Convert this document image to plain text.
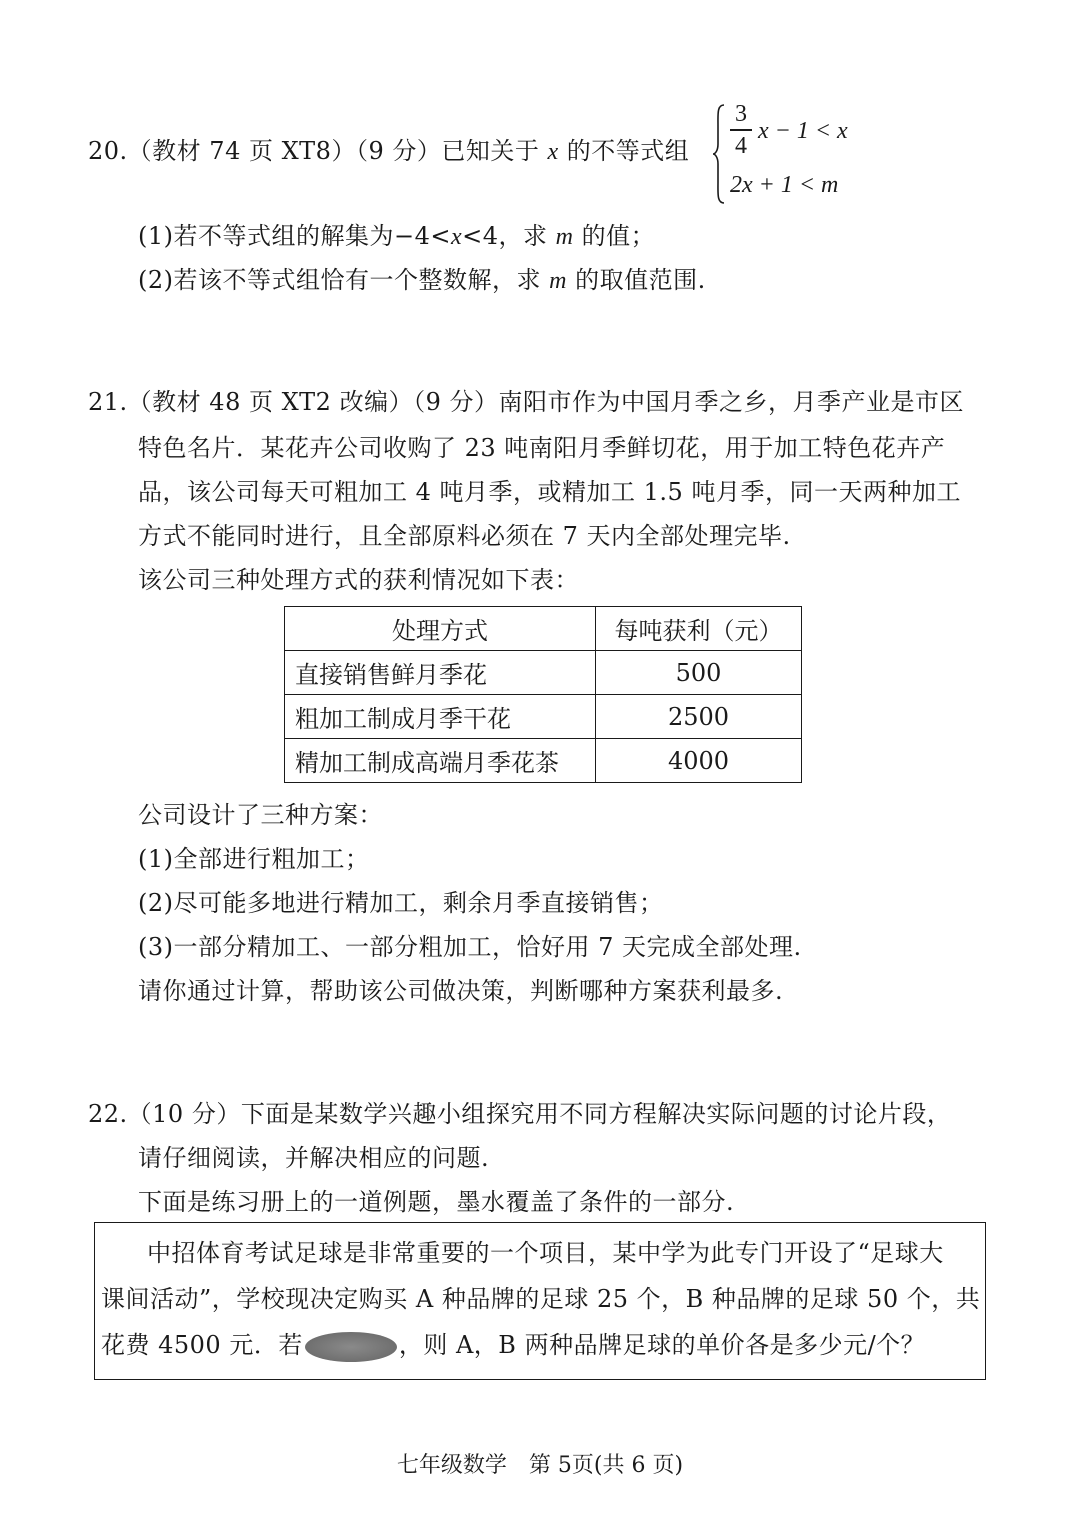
20.（教材 74 页 XT8）（9 分）已知关于 x 的不等式组
3
4
x − 1 < x
2x + 1 < m
(1)若不等式组的解集为−4<x<4，求 m 的值；
(2)若该不等式组恰有一个整数解，求 m 的取值范围.
21.（教材 48 页 XT2 改编）（9 分）南阳市作为中国月季之乡，月季产业是市区
特色名片．某花卉公司收购了 23 吨南阳月季鲜切花，用于加工特色花卉产
品，该公司每天可粗加工 4 吨月季，或精加工 1.5 吨月季，同一天两种加工
方式不能同时进行，且全部原料必须在 7 天内全部处理完毕.
该公司三种处理方式的获利情况如下表：
处理方式	每吨获利（元）
直接销售鲜月季花	500
粗加工制成月季干花	2500
精加工制成高端月季花茶	4000
公司设计了三种方案：
(1)全部进行粗加工；
(2)尽可能多地进行精加工，剩余月季直接销售；
(3)一部分精加工、一部分粗加工，恰好用 7 天完成全部处理.
请你通过计算，帮助该公司做决策，判断哪种方案获利最多.
22.（10 分）下面是某数学兴趣小组探究用不同方程解决实际问题的讨论片段，
请仔细阅读，并解决相应的问题.
下面是练习册上的一道例题，墨水覆盖了条件的一部分.
中招体育考试足球是非常重要的一个项目，某中学为此专门开设了“足球大
课间活动”，学校现决定购买 A 种品牌的足球 25 个，B 种品牌的足球 50 个，共
花费 4500 元．若	，则 A，B 两种品牌足球的单价各是多少元/个？
七年级数学　第 5页(共 6 页)
